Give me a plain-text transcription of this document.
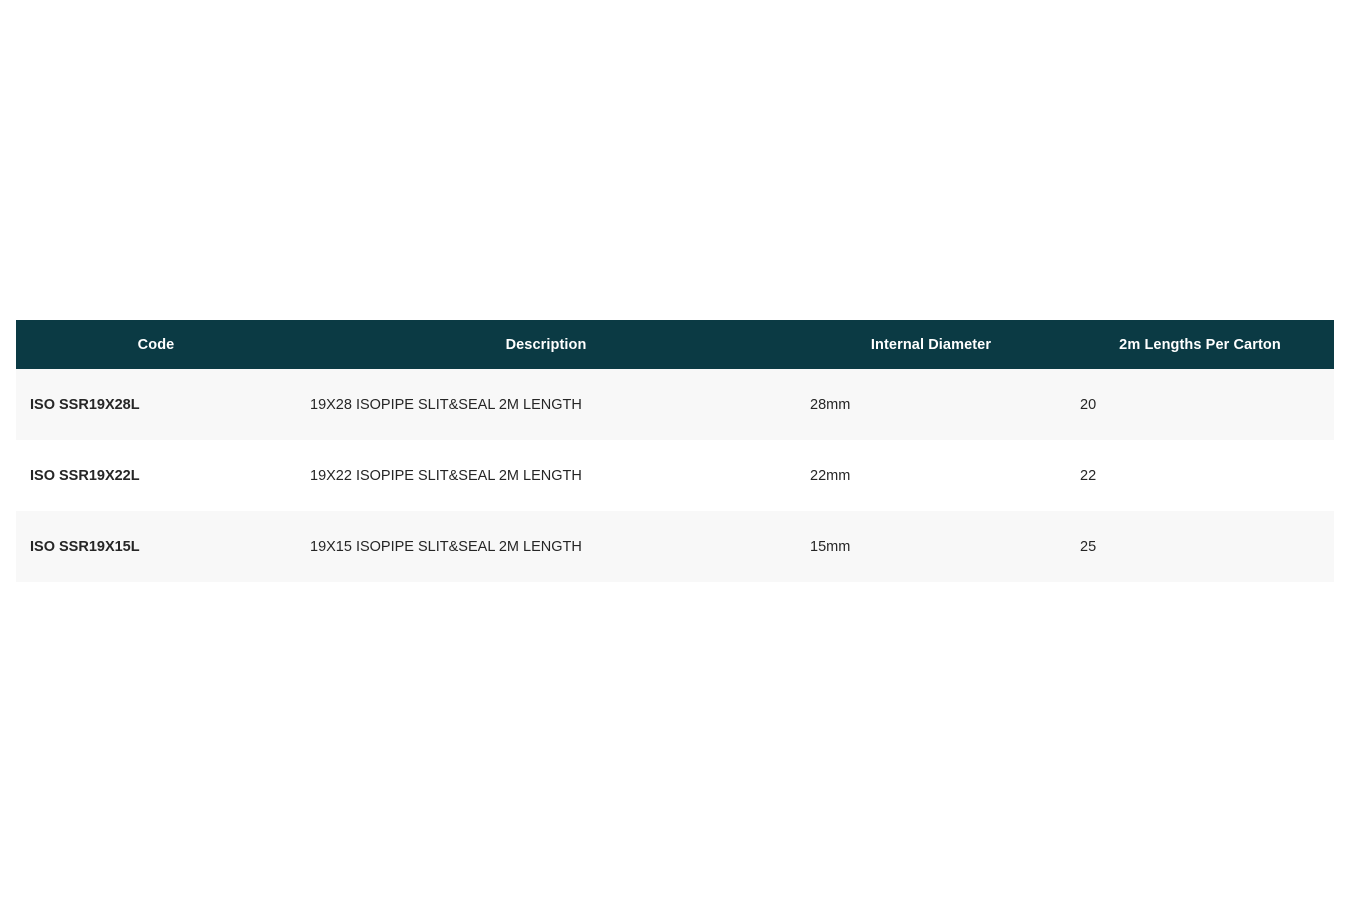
Code	Description	Internal Diameter	2m Lengths Per Carton
ISO SSR19X28L	19X28 ISOPIPE SLIT&SEAL 2M LENGTH	28mm	20
ISO SSR19X22L	19X22 ISOPIPE SLIT&SEAL 2M LENGTH	22mm	22
ISO SSR19X15L	19X15 ISOPIPE SLIT&SEAL 2M LENGTH	15mm	25
